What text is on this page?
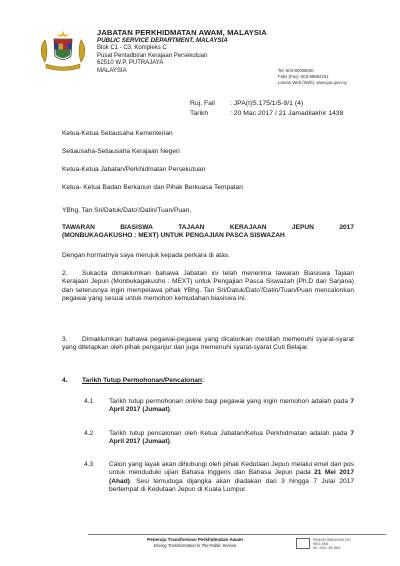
JABATAN PERKHIDMATAN AWAM, MALAYSIA
PUBLIC SERVICE DEPARTMENT, MALAYSIA
Blok C1 - C3, Kompleks C
Pusat Pentadbiran Kerajaan Persekutuan
62510 W.P. PUTRAJAYA
MALAYSIA	Tel: 603-80008000
Faks (Fax): 603-88882181
Laman Web (Web): www.jpa.gov.my
Ruj. Fail	: JPA(I)S.175/1/5-9/1 (4)
Tarikh	: 20 Mac 2017 / 21 Jamadilakhir 1438
Ketua-Ketua Setiausaha Kementerian
Setiausaha-Setiausaha Kerajaan Negeri
Ketua-Ketua Jabatan/Perkhidmatan Persekutuan
Ketua- Ketua Badan Berkanun dan Pihak Berkuasa Tempatan
YBhg. Tan Sri/Datuk/Dato'/Datin/Tuan/Puan,
TAWARAN	BIASISWA	TAJAAN	KERAJAAN	JEPUN	2017
(MONBUKAGAKUSHO : MEXT) UNTUK PENGAJIAN PASCA SISWAZAH
Dengan hormatnya saya merujuk kepada perkara di atas.
2. Sukacita dimaklumkan bahawa Jabatan ini telah menerima tawaran Biasiswa Tajaan Kerajaan Jepun (Monbukagakusho : MEXT) untuk Pengajian Pasca Siswazah (Ph.D dan Sarjana) dan seterusnya ingin mempelawa pihak YBhg. Tan Sri/Datuk/Dato'/Datin/Tuan/Puan mencalonkan pegawai yang sesuai untuk memohon kemudahan biasiswa ini.
3. Dimaklumkan bahawa pegawai-pegawai yang dicalonkan mestilah memenuhi syarat-syarat yang ditetapkan oleh pihak penganjur dan juga memenuhi syarat-syarat Cuti Belajar.
4. Tarikh Tutup Permohonan/Pencalonan:
4.1	Tarikh tutup permohonan online bagi pegawai yang ingin memohon adalah pada 7 April 2017 (Jumaat).
4.2	Tarikh tutup pencalonan oleh Ketua Jabatan/Ketua Perkhidmatan adalah pada 7 April 2017 (Jumaat).
4.3	Calon yang layak akan dihubungi oleh pihak Kedutaan Jepun melalui emel dan pos untuk menduduki ujian Bahasa Inggeris dan Bahasa Jepun pada 21 Mei 2017 (Ahad). Sesi temuduga dijangka akan diadakan dari 3 hingga 7 Julai 2017 bertempat di Kedutaan Jepun di Kuala Lumpur.
Peneraju Transformasi Perkhidmatan Awam
Driving Transformation In The Public Service
PENGIKTIRAFAN MS ISO 9001:2008
NO. SIJIL: AR 4841
